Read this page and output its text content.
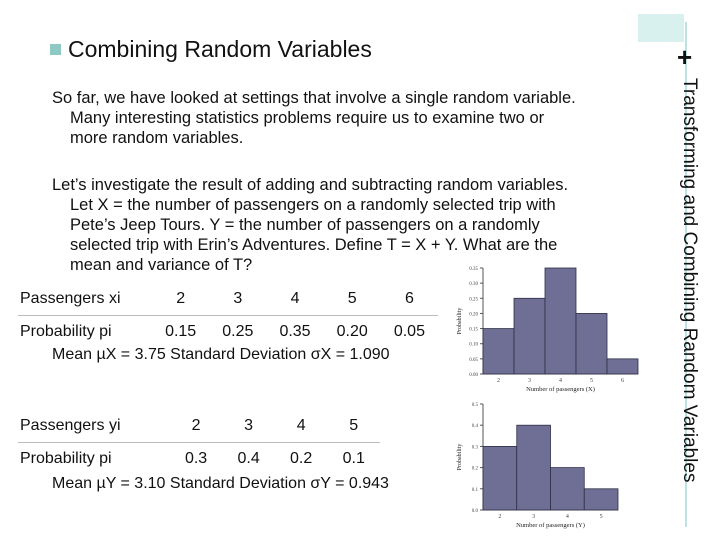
+
Transforming and Combining Random Variables
Combining Random Variables
So far, we have looked at settings that involve a single random variable.
Many interesting statistics problems require us to examine two or
more random variables.
Let’s investigate the result of adding and subtracting random variables.
Let X = the number of passengers on a randomly selected trip with
Pete’s Jeep Tours. Y = the number of passengers on a randomly
selected trip with Erin’s Adventures. Define T = X + Y. What are the
mean and variance of T?
0.00
0.05
0.10
0.15
0.20
0.25
0.30
0.35
2	3	4	5	6
Number of passengers (X)
Probability
0.0
0.1
0.2
0.3
0.4
0.5
2	3	4	5
Number of passengers (Y)
Probability
Passengers xi	2	3	4	5	6
Probability pi	0.15	0.25	0.35	0.20	0.05
Mean µX = 3.75 Standard Deviation σX = 1.090
Passengers yi	2	3	4	5
Probability pi	0.3	0.4	0.2	0.1
Mean µY = 3.10 Standard Deviation σY = 0.943
